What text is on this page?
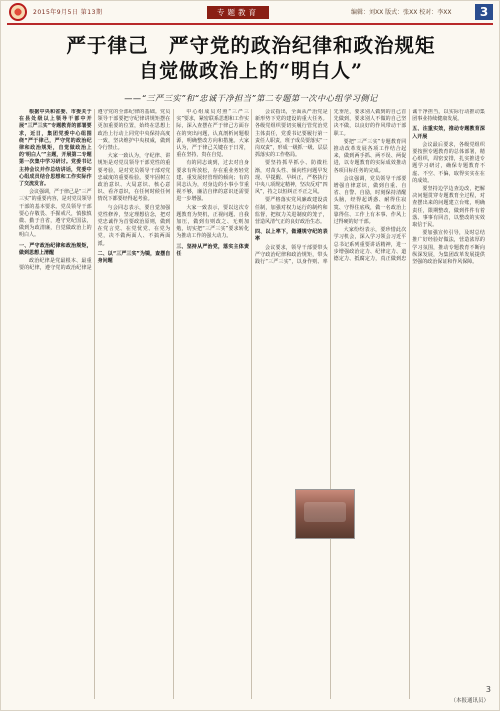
2015年9月5日 第13期	专题教育	编辑：刘XX 版式：张XX 校对：李XX	3
严于律己　严守党的政治纪律和政治规矩
自觉做政治上的“明白人”
——“三严三实”和“忠诚干净担当”第二专题第一次中心组学习侧记

根据中央和省委、市委关于在县处级以上领导干部中开展“三严三实”专题教育的部署要求，近日，集团党委中心组围绕“严于律己，严守党的政治纪律和政治规矩，自觉做政治上的‘明白人’”主题，开展第二专题第一次集中学习研讨。党委书记主持会议并作总结讲话，党委中心组成员结合思想和工作实际作了交流发言。

会议强调，严于律己是“三严三实”的重要内容，是对党员领导干部的基本要求。党员领导干部要心存敬畏、手握戒尺，慎独慎微、勤于自省，遵守党纪国法，做到为政清廉，自觉做政治上的明白人。

一、严守政治纪律和政治规矩，做到思想上清醒

政治纪律是党最根本、最重要的纪律，遵守党的政治纪律是遵守党的全部纪律的基础。党员领导干部要把守纪律讲规矩摆在更加重要的位置，始终在思想上政治上行动上同党中央保持高度一致，坚决维护中央权威，做到令行禁止。

大家一致认为，守纪律、讲规矩是对党员领导干部党性的重要考验，是对党员领导干部对党忠诚度的重要检验。要牢固树立政治意识、大局意识、核心意识、看齐意识，在任何时候任何情况下都要经得起考验。

与会同志表示，要自觉加强党性修养，坚定理想信念，把对党忠诚作为首要政治原则，做到在党言党、在党忧党、在党为党，决不做两面人、不搞两面派。

二、以“三严三实”为镜，查摆自身问题

中心组成员对照“三严三实”要求，紧密联系思想和工作实际，深入查摆在严于律己方面存在的突出问题，认真剖析问题根源，明确整改方向和措施。大家认为，严于律己关键在于日常，重在坚持，贵在自觉。

有的同志谈到，过去对自身要求有所放松，存在重业务轻党建、重发展轻管理的倾向；有的同志认为，对身边的小事小节重视不够，廉洁自律的意识还需要进一步增强。

大家一致表示，要以这次专题教育为契机，正视问题、自我加压，做到有则改之、无则加勉，切实把“三严三实”要求转化为推动工作的强大动力。

三、坚持从严治党，落实主体责任

会议指出，全面从严治党是新形势下党的建设的重大任务。各级党组织要切实履行管党治党主体责任，党委书记要履行第一责任人职责，班子成员要落实“一岗双责”，形成一级抓一级、层层抓落实的工作格局。

要坚持抓早抓小、防微杜渐，对苗头性、倾向性问题早发现、早提醒、早纠正，严格执行中央八项规定精神，坚决反对“四风”，持之以恒纠正不正之风。

要严格落实党风廉政建设责任制，加强对权力运行的制约和监督，把权力关进制度的笼子，营造风清气正的良好政治生态。

四、以上率下，做遵规守纪的表率

会议要求，领导干部要带头严守政治纪律和政治规矩，带头践行“三严三实”，以身作则、率先垂范，要求别人做到的自己首先做到，要求别人不做的自己坚决不做，以良好的作风带动干部职工。

要把“三严三实”专题教育同推动改革发展各项工作结合起来，做到两手抓、两不误、两促进，以专题教育的实际成效推动各项目标任务的完成。

会议强调，党员领导干部要增强自律意识，做到自重、自省、自警、自励，时刻保持清醒头脑，经得起诱惑、耐得住寂寞、守得住底线，做一名政治上靠得住、工作上有本事、作风上过得硬的好干部。

大家纷纷表示，要珍惜此次学习机会，深入学习领会习近平总书记系列重要讲话精神，进一步增强政治定力、纪律定力、道德定力、抵腐定力，真正做到忠诚干净担当，以实际行动推动集团事业持续健康发展。

五、注重实效，推动专题教育深入开展

会议最后要求，各级党组织要按照专题教育的总体部署，精心组织，周密安排，扎实推进专题学习研讨，确保专题教育不虚、不空、不偏，取得实实在在的成效。

要坚持边学边查边改，把解决问题贯穿专题教育全过程，对查摆出来的问题建立台账，明确责任，限期整改，做到件件有着落、事事有回音，以整改的实效取信于民。

要加强宣传引导，及时总结推广好经验好做法，营造浓厚的学习氛围，推动专题教育不断向纵深发展，为集团改革发展提供坚强的政治保证和作风保障。

3
（本报通讯员）
